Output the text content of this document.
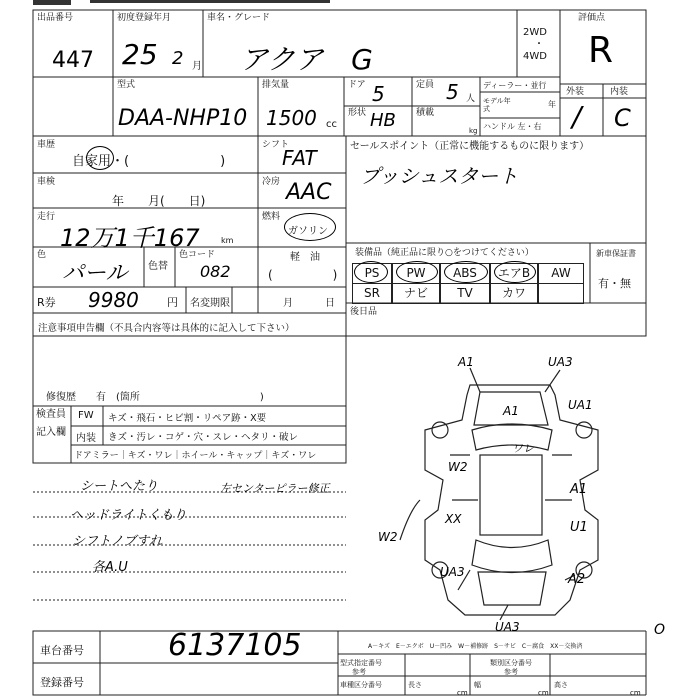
出品番号
447
初度登録年月
25 2 月
車名・グレード
アクア　G
2WD
・
4WD
評価点
R
型式
DAA-NHP10
排気量
1500 cc
ドア 5	定員 5 人
ディーラー・並行
モデル年式	年
形状 HB 積載
kg ハンドル 左・右
外装	内装
/ C
車歴
自家用・(　　　　　　　)
シフト
FAT	セールスポイント（正常に機能するものに限ります）
プッシュスタート
車検
年　　月(　　日)
冷房 AAC
走行
12万1千167	km
燃料
ガソリン
軽　油
(　　　　　)
色
パール 色替
色コード
082
装備品（純正品に限り○をつけてください）
PS	PW	ABS	エアB	AW
SR	ナビ	TV	カワ
新車保証書
有・無
R券 9980	円 名変期限	月	日
後日品
注意事項申告欄（不具合内容等は具体的に記入して下さい）
修復歴　　有　(箇所　　　　　　　　　　　　)
検査員
記入欄
FW キズ・飛石・ヒビ割・リペア跡・Ⅹ要
内装 きズ・汚レ・コゲ・穴・スレ・ヘタリ・破レ
ドアミラー｜キズ・ワレ｜ホイール・キャップ｜キズ・ワレ
シートへたり
ヘッドライトくもり
シフトノブすれ
各A.U
左センターピラー修正
A1	UA3
A1	UA1
ワレ
W2
XX
A1
U1
W2
UA3	A2
UA3	O
A－キズ　E－エクボ　U－凹み　W－補修跡　S－サビ　C－腐食　XX－交換済
型式指定番号
参考
類別区分番号
参考
車種区分番号	長さ
cm
幅
cm
高さ
cm
車台番号	6137105
登録番号
